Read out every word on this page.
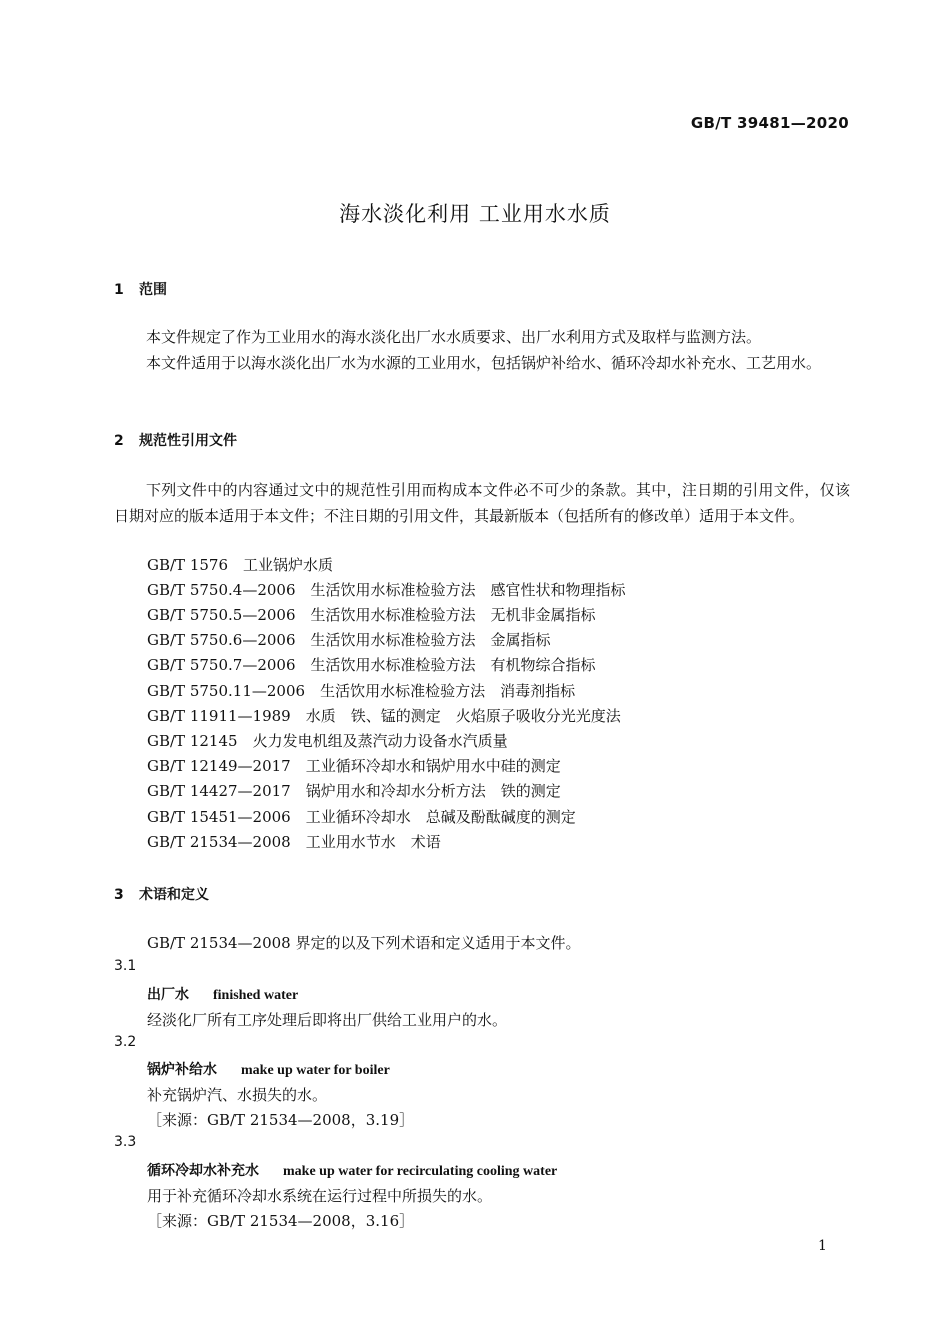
GB/T 39481—2020
海水淡化利用 工业用水水质
1 范围
本文件规定了作为工业用水的海水淡化出厂水水质要求、出厂水利用方式及取样与监测方法。
本文件适用于以海水淡化出厂水为水源的工业用水，包括锅炉补给水、循环冷却水补充水、工艺用水。
2 规范性引用文件
下列文件中的内容通过文中的规范性引用而构成本文件必不可少的条款。其中，注日期的引用文件，仅该日期对应的版本适用于本文件；不注日期的引用文件，其最新版本（包括所有的修改单）适用于本文件。
GB/T 1576　 工业锅炉水质
GB/T 5750.4—2006　 生活饮用水标准检验方法　感官性状和物理指标
GB/T 5750.5—2006　 生活饮用水标准检验方法　无机非金属指标
GB/T 5750.6—2006　 生活饮用水标准检验方法　金属指标
GB/T 5750.7—2006　 生活饮用水标准检验方法　有机物综合指标
GB/T 5750.11—2006　 生活饮用水标准检验方法　消毒剂指标
GB/T 11911—1989　 水质　铁、锰的测定　火焰原子吸收分光光度法
GB/T 12145　 火力发电机组及蒸汽动力设备水汽质量
GB/T 12149—2017　 工业循环冷却水和锅炉用水中硅的测定
GB/T 14427—2017　 锅炉用水和冷却水分析方法　铁的测定
GB/T 15451—2006　 工业循环冷却水　总碱及酚酞碱度的测定
GB/T 21534—2008　 工业用水节水　术语
3 术语和定义
GB/T 21534—2008 界定的以及下列术语和定义适用于本文件。
3.1
出厂水 finished water
经淡化厂所有工序处理后即将出厂供给工业用户的水。
3.2
锅炉补给水 make up water for boiler
补充锅炉汽、水损失的水。
［来源：GB/T 21534—2008，3.19］
3.3
循环冷却水补充水 make up water for recirculating cooling water
用于补充循环冷却水系统在运行过程中所损失的水。
［来源：GB/T 21534—2008，3.16］
1
